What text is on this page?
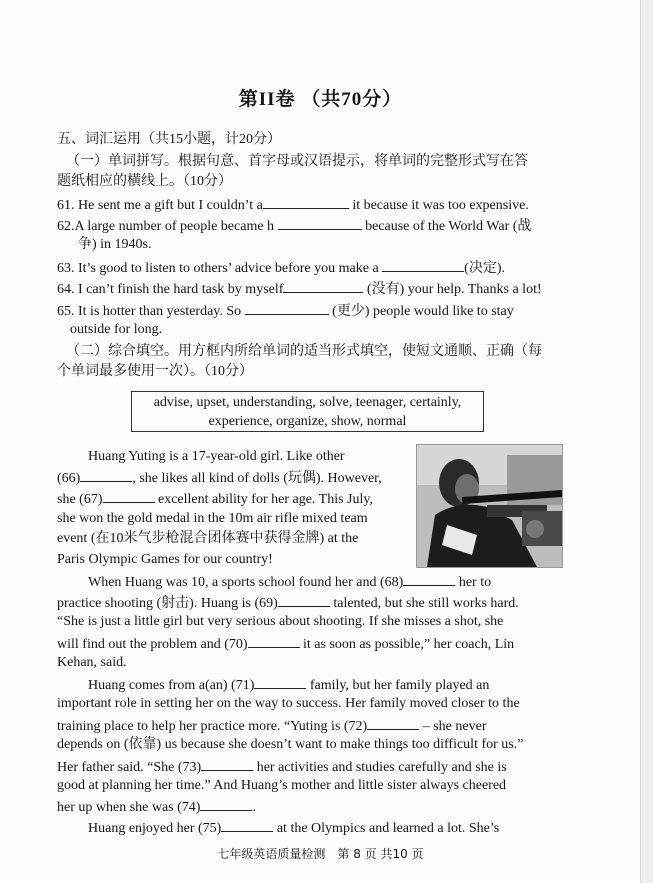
第II卷 （共70分）
五、词汇运用（共15小题，计20分）
（一）单词拼写。根据句意、首字母或汉语提示，将单词的完整形式写在答
题纸相应的横线上。（10分）
61. He sent me a gift but I couldn’t a	it because it was too expensive.
62.A large number of people became h	because of the World War (战
争) in 1940s.
63. It’s good to listen to others’ advice before you make a	(决定).
64. I can’t finish the hard task by myself	(没有) your help. Thanks a lot!
65. It is hotter than yesterday. So	(更少) people would like to stay
outside for long.
（二）综合填空。用方框内所给单词的适当形式填空，使短文通顺、正确（每
个单词最多使用一次）。（10分）
advise, upset, understanding, solve, teenager, certainly,
experience, organize, show, normal
Huang Yuting is a 17-year-old girl. Like other
(66)	, she likes all kind of dolls (玩偶). However,
she (67)	excellent ability for her age. This July,
she won the gold medal in the 10m air rifle mixed team
event (在10米气步枪混合团体赛中获得金牌) at the
Paris Olympic Games for our country!
When Huang was 10, a sports school found her and (68)	her to
practice shooting (射击). Huang is (69)	talented, but she still works hard.
“She is just a little girl but very serious about shooting. If she misses a shot, she
will find out the problem and (70)	it as soon as possible,” her coach, Lin
Kehan, said.
Huang comes from a(an) (71)	family, but her family played an
important role in setting her on the way to success. Her family moved closer to the
training place to help her practice more. “Yuting is (72)	– she never
depends on (依靠) us because she doesn’t want to make things too difficult for us.”
Her father said. “She (73)	her activities and studies carefully and she is
good at planning her time.” And Huang’s mother and little sister always cheered
her up when she was (74)	.
Huang enjoyed her (75)	at the Olympics and learned a lot. She’s
七年级英语质量检测　第 8 页 共10 页
